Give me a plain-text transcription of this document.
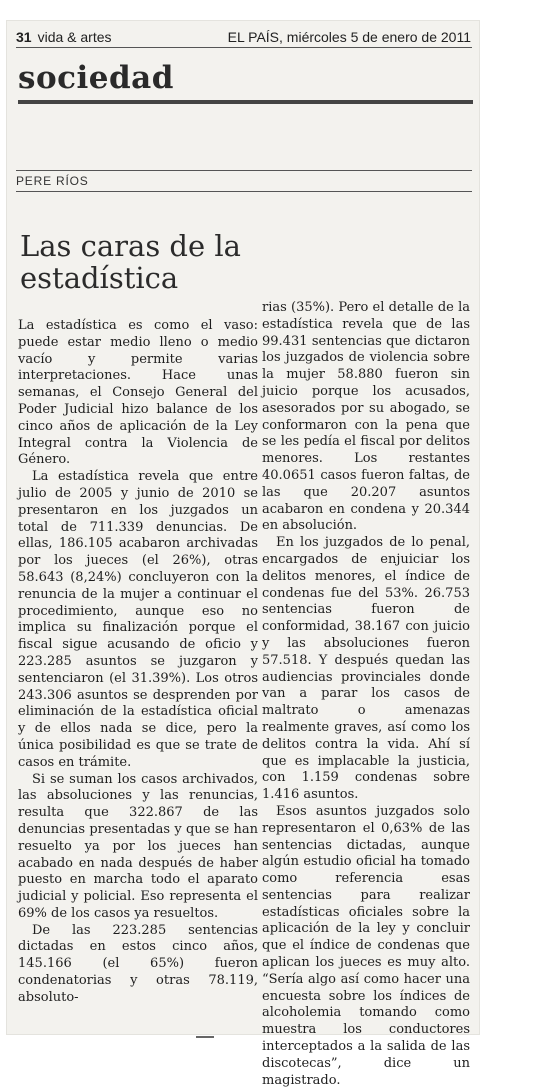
31 vida & artes	EL PAÍS, miércoles 5 de enero de 2011
sociedad
PERE RÍOS
Las caras de la estadística

La estadística es como el vaso: puede estar medio lleno o medio vacío y permite varias interpretaciones. Hace unas semanas, el Consejo General del Poder Judicial hizo balance de los cinco años de aplicación de la Ley Integral contra la Violencia de Género.

La estadística revela que entre julio de 2005 y junio de 2010 se presentaron en los juzgados un total de 711.339 denuncias. De ellas, 186.105 acabaron archivadas por los jueces (el 26%), otras 58.643 (8,24%) concluyeron con la renuncia de la mujer a continuar el procedimiento, aunque eso no implica su finalización porque el fiscal sigue acusando de oficio y 223.285 asuntos se juzgaron y sentenciaron (el 31.39%). Los otros 243.306 asuntos se desprenden por eliminación de la estadística oficial y de ellos nada se dice, pero la única posibilidad es que se trate de casos en trámite.

Si se suman los casos archivados, las absoluciones y las renuncias, resulta que 322.867 de las denuncias presentadas y que se han resuelto ya por los jueces han acabado en nada después de haber puesto en marcha todo el aparato judicial y policial. Eso representa el 69% de los casos ya resueltos.

De las 223.285 sentencias dictadas en estos cinco años, 145.166 (el 65%) fueron condenatorias y otras 78.119, absoluto-

rias (35%). Pero el detalle de la estadística revela que de las 99.431 sentencias que dictaron los juzgados de violencia sobre la mujer 58.880 fueron sin juicio porque los acusados, asesorados por su abogado, se conformaron con la pena que se les pedía el fiscal por delitos menores. Los restantes 40.0651 casos fueron faltas, de las que 20.207 asuntos acabaron en condena y 20.344 en absolución.

En los juzgados de lo penal, encargados de enjuiciar los delitos menores, el índice de condenas fue del 53%. 26.753 sentencias fueron de conformidad, 38.167 con juicio y las absoluciones fueron 57.518. Y después quedan las audiencias provinciales donde van a parar los casos de maltrato o amenazas realmente graves, así como los delitos contra la vida. Ahí sí que es implacable la justicia, con 1.159 condenas sobre 1.416 asuntos.

Esos asuntos juzgados solo representaron el 0,63% de las sentencias dictadas, aunque algún estudio oficial ha tomado como referencia esas sentencias para realizar estadísticas oficiales sobre la aplicación de la ley y concluir que el índice de condenas que aplican los jueces es muy alto. “Sería algo así como hacer una encuesta sobre los índices de alcoholemia tomando como muestra los conductores interceptados a la salida de las discotecas”, dice un magistrado.
